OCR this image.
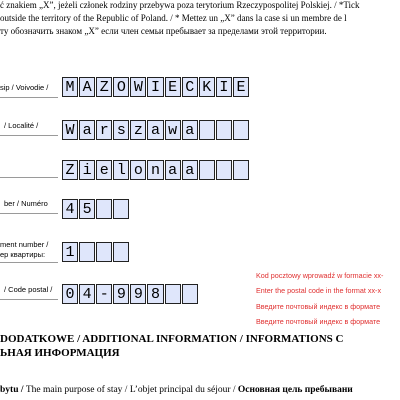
ć znakiem „X”, jeżeli członek rodziny przebywa poza terytorium Rzeczypospolitej Polskiej. / *Tick
outside the territory of the Republic of Poland. / * Mettez un „X” dans la case si un membre de l
ту обозначить знаком „X” если член семьи пребывает за пределами этой территории.
sip / Voivodie / M A Z O W I E C K I E
/ Localité / W a r s z a w a
Z i e l o n a a
ber / Numéro 4 5
ment number /
ер квартиры: 1
/ Code postal / 0 4 - 9 9 8
Kod pocztowy wprowadź w formacie xx-
Enter the postal code in the format xx-x
Введите почтовый индекс в формате
Введите почтовый индекс в формате
DODATKOWE / ADDITIONAL INFORMATION / INFORMATIONS C
ЬНАЯ ИНФОРМАЦИЯ
bytu / The main purpose of stay / L’objet principal du séjour / Основная цель пребывани
